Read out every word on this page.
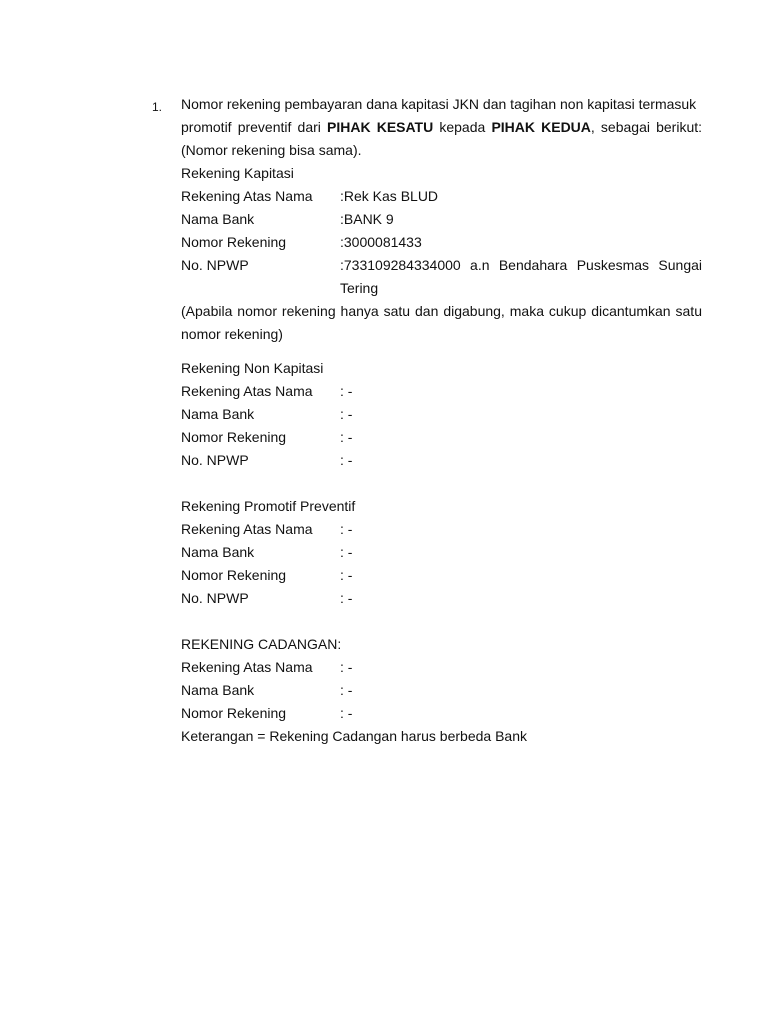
1. Nomor rekening pembayaran dana kapitasi JKN dan tagihan non kapitasi termasuk
promotif preventif dari PIHAK KESATU kepada PIHAK KEDUA, sebagai berikut:
(Nomor rekening bisa sama).

Rekening Kapitasi
Rekening Atas Nama	:Rek Kas BLUD
Nama Bank	:BANK 9
Nomor Rekening	:3000081433
No. NPWP	:733109284334000 a.n Bendahara Puskesmas Sungai
Tering

(Apabila nomor rekening hanya satu dan digabung, maka cukup dicantumkan satu
nomor rekening)

Rekening Non Kapitasi
Rekening Atas Nama	: -
Nama Bank	: -
Nomor Rekening	: -
No. NPWP	: -
Rekening Promotif Preventif
Rekening Atas Nama	: -
Nama Bank	: -
Nomor Rekening	: -
No. NPWP	: -
REKENING CADANGAN:
Rekening Atas Nama	: -
Nama Bank	: -
Nomor Rekening	: -
Keterangan = Rekening Cadangan harus berbeda Bank
